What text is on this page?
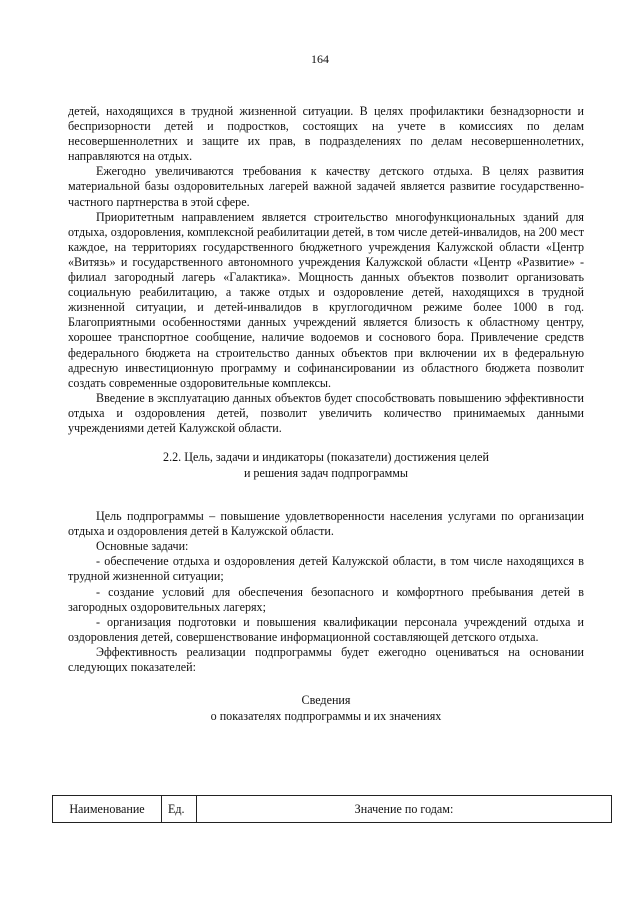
164

детей, находящихся в трудной жизненной ситуации. В целях профилактики безнадзорности и беспризорности детей и подростков, состоящих на учете в комиссиях по делам несовершеннолетних и защите их прав, в подразделениях по делам несовершеннолетних, направляются на отдых.

Ежегодно увеличиваются требования к качеству детского отдыха. В целях развития материальной базы оздоровительных лагерей важной задачей является развитие государственно-частного партнерства в этой сфере.

Приоритетным направлением является строительство многофункциональных зданий для отдыха, оздоровления, комплексной реабилитации детей, в том числе детей-инвалидов, на 200 мест каждое, на территориях государственного бюджетного учреждения Калужской области «Центр «Витязь» и государственного автономного учреждения Калужской области «Центр «Развитие» - филиал загородный лагерь «Галактика». Мощность данных объектов позволит организовать социальную реабилитацию, а также отдых и оздоровление детей, находящихся в трудной жизненной ситуации, и детей-инвалидов в круглогодичном режиме более 1000 в год. Благоприятными особенностями данных учреждений является близость к областному центру, хорошее транспортное сообщение, наличие водоемов и соснового бора. Привлечение средств федерального бюджета на строительство данных объектов при включении их в федеральную адресную инвестиционную программу и софинансировании из областного бюджета позволит создать современные оздоровительные комплексы.

Введение в эксплуатацию данных объектов будет способствовать повышению эффективности отдыха и оздоровления детей, позволит увеличить количество принимаемых данными учреждениями детей Калужской области.

2.2. Цель, задачи и индикаторы (показатели) достижения целей
и решения задач подпрограммы

Цель подпрограммы – повышение удовлетворенности населения услугами по организации отдыха и оздоровления детей в Калужской области.

Основные задачи:

- обеспечение отдыха и оздоровления детей Калужской области, в том числе находящихся в трудной жизненной ситуации;

- создание условий для обеспечения безопасного и комфортного пребывания детей в загородных оздоровительных лагерях;

- организация подготовки и повышения квалификации персонала учреждений отдыха и оздоровления детей, совершенствование информационной составляющей детского отдыха.

Эффективность реализации подпрограммы будет ежегодно оцениваться на основании следующих показателей:

Сведения
о показателях подпрограммы и их значениях
Наименование	Ед.	Значение по годам:
